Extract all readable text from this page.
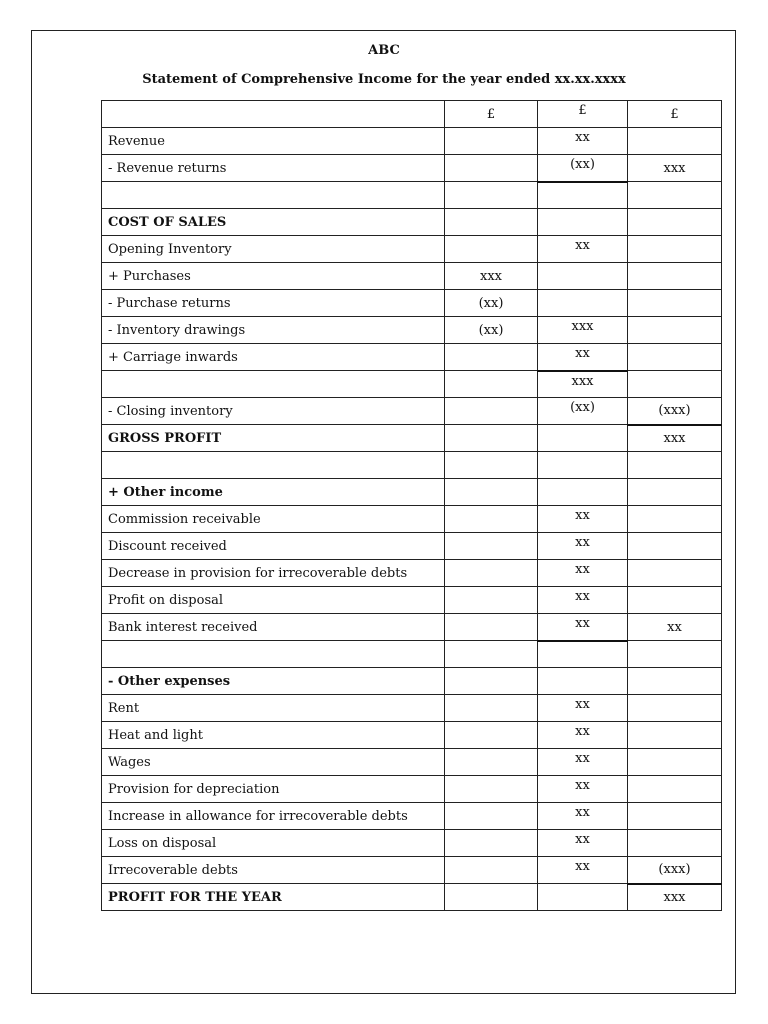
ABC
Statement of Comprehensive Income for the year ended xx.xx.xxxx
	£	£	£
Revenue		xx	
- Revenue returns		(xx)	xxx

COST OF SALES			
Opening Inventory		xx	
+ Purchases	xxx		
- Purchase returns	(xx)		
- Inventory drawings	(xx)	xxx	
+ Carriage inwards		xx	
		xxx	
- Closing inventory		(xx)	(xxx)
GROSS PROFIT			xxx

+ Other income			
Commission receivable		xx	
Discount received		xx	
Decrease in provision for irrecoverable debts		xx	
Profit on disposal		xx	
Bank interest received		xx	xx

- Other expenses			
Rent		xx	
Heat and light		xx	
Wages		xx	
Provision for depreciation		xx	
Increase in allowance for irrecoverable debts		xx	
Loss on disposal		xx	
Irrecoverable debts		xx	(xxx)
PROFIT FOR THE YEAR			xxx
